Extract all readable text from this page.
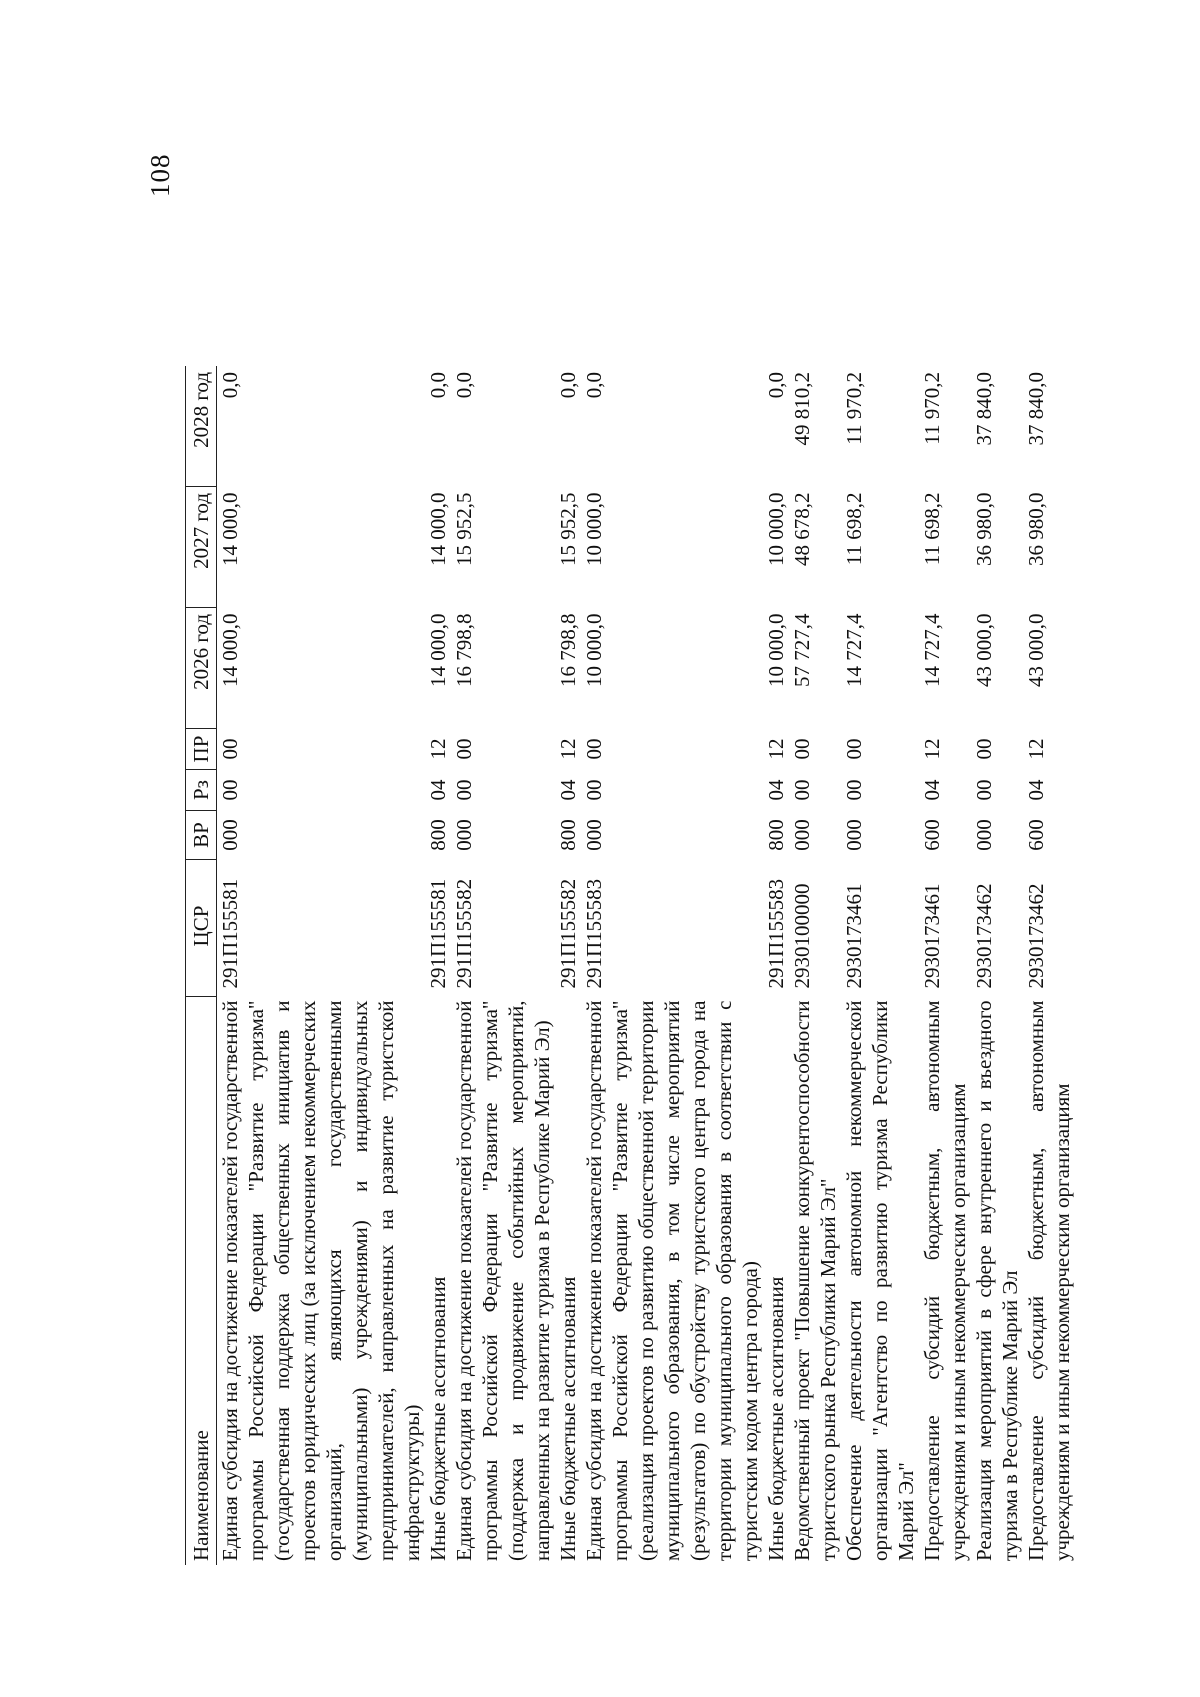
108
Наименование	ЦСР	ВР	Рз	ПР	2026 год	2027 год	2028 год
Единая субсидия на достижение показателей государственной программы Российской Федерации "Развитие туризма" (государственная поддержка общественных инициатив и проектов юридических лиц (за исключением некоммерческих организаций, являющихся государственными (муниципальными) учреждениями) и индивидуальных предпринимателей, направленных на развитие туристской инфраструктуры)	291П155581	000	00	00	14 000,0	14 000,0	0,0
Иные бюджетные ассигнования	291П155581	800	04	12	14 000,0	14 000,0	0,0
Единая субсидия на достижение показателей государственной программы Российской Федерации "Развитие туризма" (поддержка и продвижение событийных мероприятий, направленных на развитие туризма в Республике Марий Эл)	291П155582	000	00	00	16 798,8	15 952,5	0,0
Иные бюджетные ассигнования	291П155582	800	04	12	16 798,8	15 952,5	0,0
Единая субсидия на достижение показателей государственной программы Российской Федерации "Развитие туризма" (реализация проектов по развитию общественной территории муниципального образования, в том числе мероприятий (результатов) по обустройству туристского центра города на территории муниципального образования в соответствии с туристским кодом центра города)	291П155583	000	00	00	10 000,0	10 000,0	0,0
Иные бюджетные ассигнования	291П155583	800	04	12	10 000,0	10 000,0	0,0
Ведомственный проект "Повышение конкурентоспособности туристского рынка Республики Марий Эл"	2930100000	000	00	00	57 727,4	48 678,2	49 810,2
Обеспечение деятельности автономной некоммерческой организации "Агентство по развитию туризма Республики Марий Эл"	2930173461	000	00	00	14 727,4	11 698,2	11 970,2
Предоставление субсидий бюджетным, автономным учреждениям и иным некоммерческим организациям	2930173461	600	04	12	14 727,4	11 698,2	11 970,2
Реализация мероприятий в сфере внутреннего и въездного туризма в Республике Марий Эл	2930173462	000	00	00	43 000,0	36 980,0	37 840,0
Предоставление субсидий бюджетным, автономным учреждениям и иным некоммерческим организациям	2930173462	600	04	12	43 000,0	36 980,0	37 840,0
